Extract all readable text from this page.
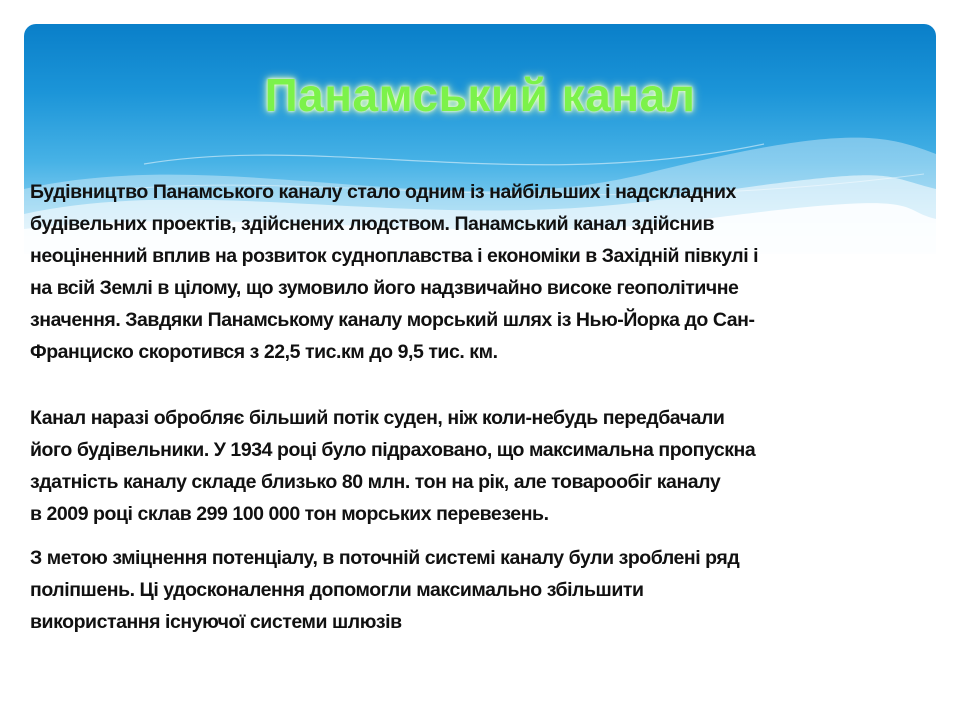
Панамський канал

Будівництво Панамського каналу стало одним із найбільших і надскладних
будівельних проектів, здійснених людством. Панамський канал здійснив
неоціненний вплив на розвиток судноплавства і економіки в Західній півкулі і
на всій Землі в цілому, що зумовило його надзвичайно високе геополітичне
значення. Завдяки Панамському каналу морський шлях із Нью-Йорка до Сан-
Франциско скоротився з 22,5 тис.км до 9,5 тис. км.

Канал наразі обробляє більший потік суден, ніж коли-небудь передбачали
його будівельники. У 1934 році було підраховано, що максимальна пропускна
здатність каналу складе близько 80 млн. тон на рік, але товарообіг каналу
в 2009 році склав 299 100 000 тон морських перевезень.

З метою зміцнення потенціалу, в поточній системі каналу були зроблені ряд
поліпшень. Ці удосконалення допомогли максимально збільшити
використання існуючої системи шлюзів
